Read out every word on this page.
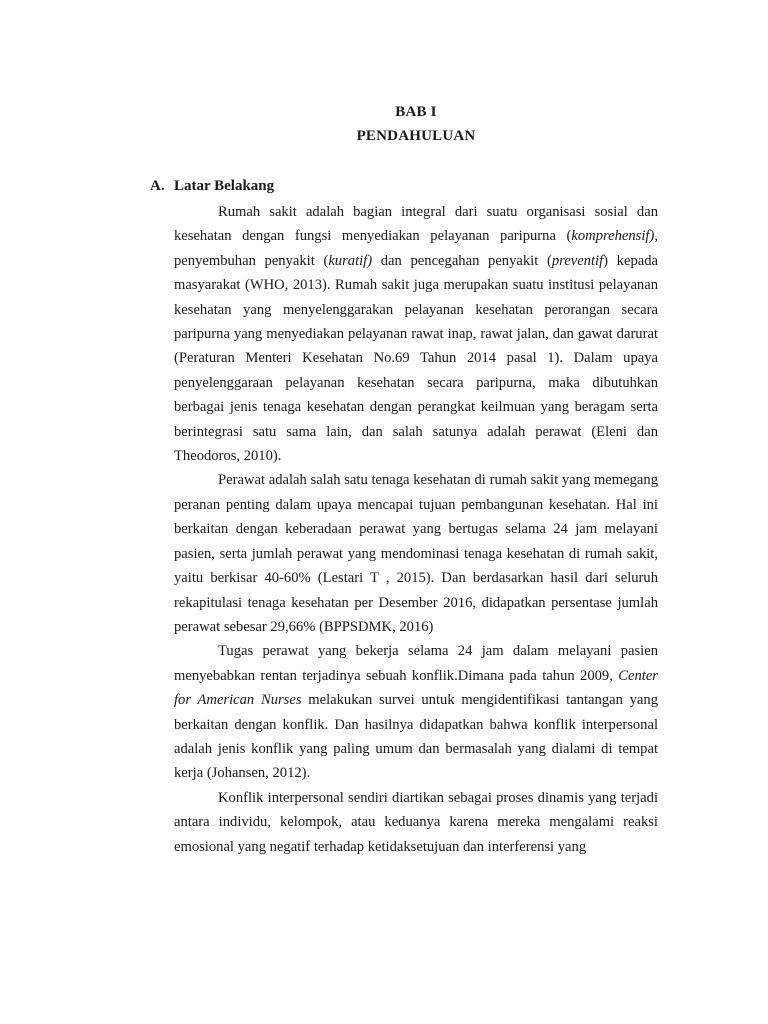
BAB I
PENDAHULUAN
A. Latar Belakang

Rumah sakit adalah bagian integral dari suatu organisasi sosial dan kesehatan dengan fungsi menyediakan pelayanan paripurna (komprehensif), penyembuhan penyakit (kuratif) dan pencegahan penyakit (preventif) kepada masyarakat (WHO, 2013). Rumah sakit juga merupakan suatu institusi pelayanan kesehatan yang menyelenggarakan pelayanan kesehatan perorangan secara paripurna yang menyediakan pelayanan rawat inap, rawat jalan, dan gawat darurat (Peraturan Menteri Kesehatan No.69 Tahun 2014 pasal 1). Dalam upaya penyelenggaraan pelayanan kesehatan secara paripurna, maka dibutuhkan berbagai jenis tenaga kesehatan dengan perangkat keilmuan yang beragam serta berintegrasi satu sama lain, dan salah satunya adalah perawat (Eleni dan Theodoros, 2010).

Perawat adalah salah satu tenaga kesehatan di rumah sakit yang memegang peranan penting dalam upaya mencapai tujuan pembangunan kesehatan. Hal ini berkaitan dengan keberadaan perawat yang bertugas selama 24 jam melayani pasien, serta jumlah perawat yang mendominasi tenaga kesehatan di rumah sakit, yaitu berkisar 40-60% (Lestari T , 2015). Dan berdasarkan hasil dari seluruh rekapitulasi tenaga kesehatan per Desember 2016, didapatkan persentase jumlah perawat sebesar 29,66% (BPPSDMK, 2016)

Tugas perawat yang bekerja selama 24 jam dalam melayani pasien menyebabkan rentan terjadinya sebuah konflik.Dimana pada tahun 2009, Center for American Nurses melakukan survei untuk mengidentifikasi tantangan yang berkaitan dengan konflik. Dan hasilnya didapatkan bahwa konflik interpersonal adalah jenis konflik yang paling umum dan bermasalah yang dialami di tempat kerja (Johansen, 2012).

Konflik interpersonal sendiri diartikan sebagai proses dinamis yang terjadi antara individu, kelompok, atau keduanya karena mereka mengalami reaksi emosional yang negatif terhadap ketidaksetujuan dan interferensi yang
